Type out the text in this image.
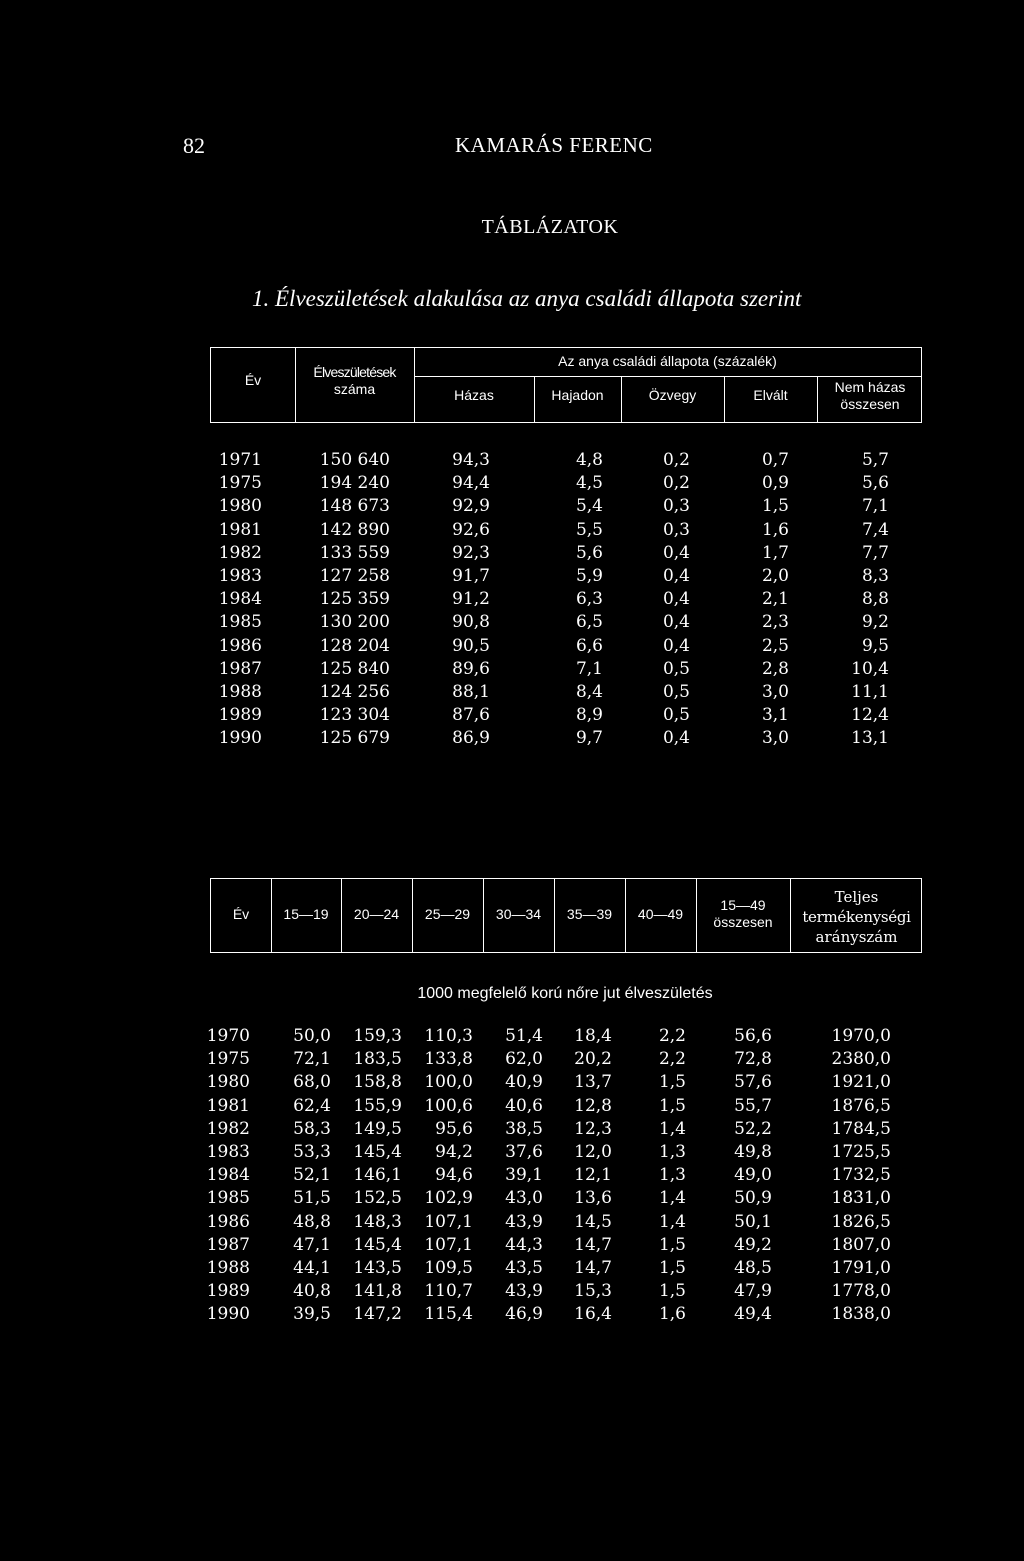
82	KAMARÁS FERENC
TÁBLÁZATOK
1. Élveszületések alakulása az anya családi állapota szerint
Év	Élveszületések
száma
Az anya családi állapota (százalék)
Házas	Hajadon	Özvegy	Elvált	Nem házas
összesen
1971	150 640	94,3	4,8	0,2	0,7	5,7
1975	194 240	94,4	4,5	0,2	0,9	5,6
1980	148 673	92,9	5,4	0,3	1,5	7,1
1981	142 890	92,6	5,5	0,3	1,6	7,4
1982	133 559	92,3	5,6	0,4	1,7	7,7
1983	127 258	91,7	5,9	0,4	2,0	8,3
1984	125 359	91,2	6,3	0,4	2,1	8,8
1985	130 200	90,8	6,5	0,4	2,3	9,2
1986	128 204	90,5	6,6	0,4	2,5	9,5
1987	125 840	89,6	7,1	0,5	2,8	10,4
1988	124 256	88,1	8,4	0,5	3,0	11,1
1989	123 304	87,6	8,9	0,5	3,1	12,4
1990	125 679	86,9	9,7	0,4	3,0	13,1
Év	15—19	20—24	25—29	30—34	35—39	40—49
15—49
összesen
Teljes
termékenységi
arányszám
1000 megfelelő korú nőre jut élveszületés
1970	50,0 159,3 110,3 51,4 18,4	2,2	56,6	1970,0
1975	72,1 183,5 133,8 62,0 20,2	2,2	72,8	2380,0
1980	68,0 158,8 100,0 40,9 13,7	1,5	57,6	1921,0
1981	62,4 155,9 100,6 40,6 12,8	1,5	55,7	1876,5
1982	58,3 149,5 95,6 38,5 12,3	1,4	52,2	1784,5
1983	53,3 145,4 94,2 37,6 12,0	1,3	49,8	1725,5
1984	52,1 146,1 94,6 39,1 12,1	1,3	49,0	1732,5
1985	51,5 152,5 102,9 43,0 13,6	1,4	50,9	1831,0
1986	48,8 148,3 107,1 43,9 14,5	1,4	50,1	1826,5
1987	47,1 145,4 107,1 44,3 14,7	1,5	49,2	1807,0
1988	44,1 143,5 109,5 43,5 14,7	1,5	48,5	1791,0
1989	40,8 141,8 110,7 43,9 15,3	1,5	47,9	1778,0
1990	39,5 147,2 115,4 46,9 16,4	1,6	49,4	1838,0
